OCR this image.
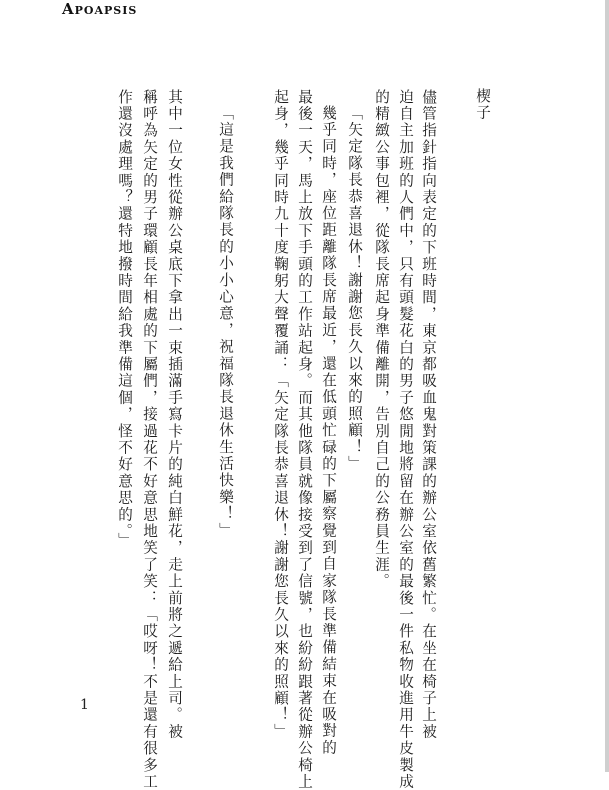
Apoapsis
楔子
儘管指針指向表定的下班時間，東京都吸血鬼對策課的辦公室依舊繁忙。在坐在椅子上被
迫自主加班的人們中，只有頭髮花白的男子悠閒地將留在辦公室的最後一件私物收進用牛皮製成
的精緻公事包裡，從隊長席起身準備離開，告別自己的公務員生涯。
「矢定隊長恭喜退休！謝謝您長久以來的照顧！」
幾乎同時，座位距離隊長席最近，還在低頭忙碌的下屬察覺到自家隊長準備結束在吸對的
最後一天，馬上放下手頭的工作站起身。而其他隊員就像接受到了信號，也紛紛跟著從辦公椅上
起身，幾乎同時九十度鞠躬大聲覆誦：「矢定隊長恭喜退休！謝謝您長久以來的照顧！」
「這是我們給隊長的小小心意，祝福隊長退休生活快樂！」
其中一位女性從辦公桌底下拿出一束插滿手寫卡片的純白鮮花，走上前將之遞給上司。被
稱呼為矢定的男子環顧長年相處的下屬們，接過花不好意思地笑了笑：「哎呀！不是還有很多工
作還沒處理嗎？還特地撥時間給我準備這個，怪不好意思的。」
1
